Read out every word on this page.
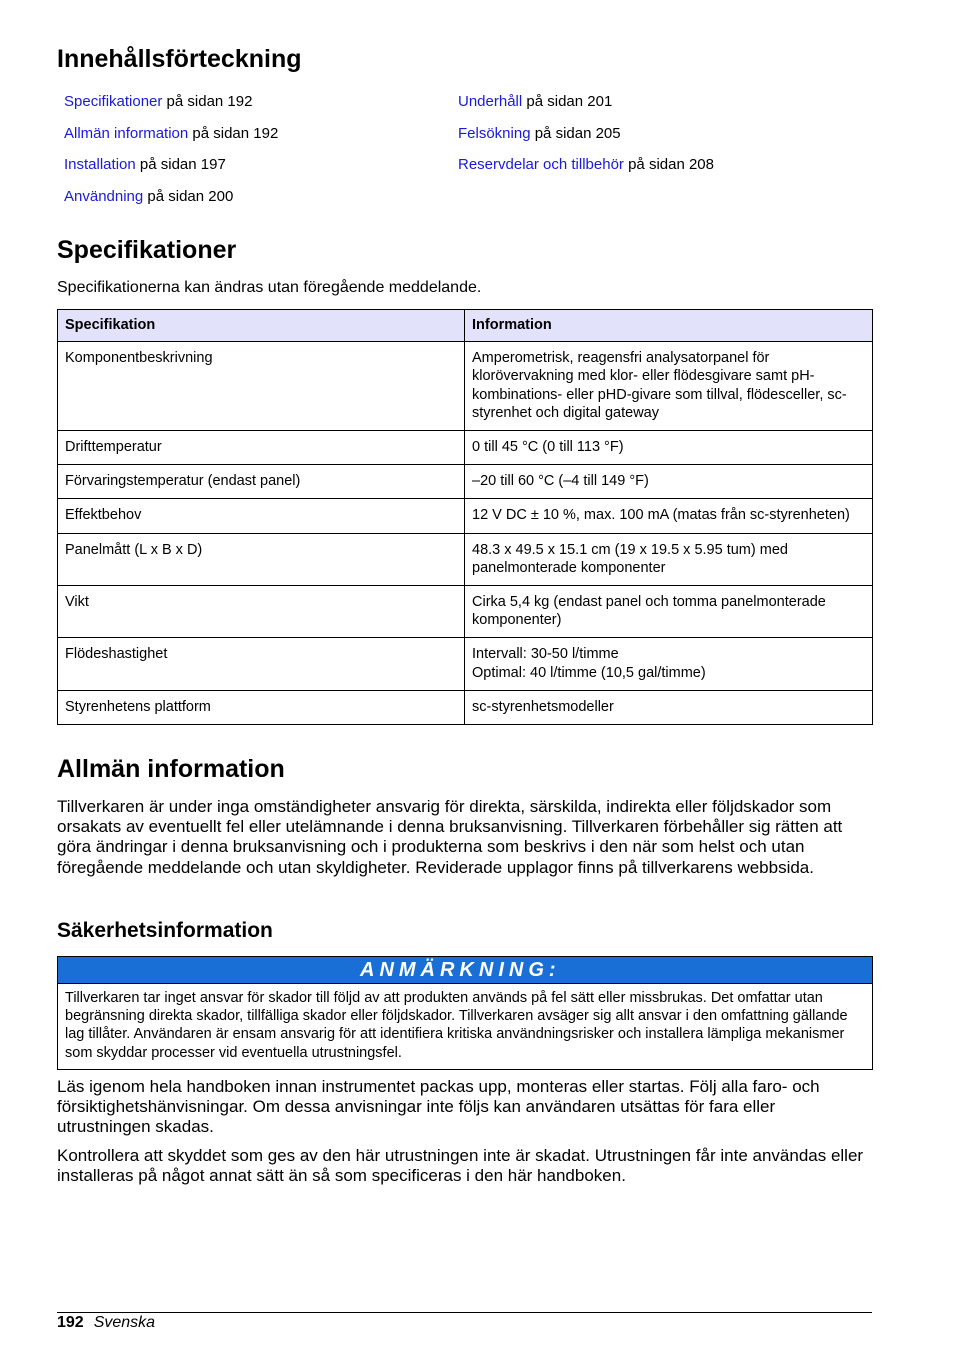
Innehållsförteckning
Specifikationer på sidan 192
Allmän information på sidan 192
Installation på sidan 197
Användning på sidan 200
Underhåll på sidan 201
Felsökning på sidan 205
Reservdelar och tillbehör på sidan 208
Specifikationer

Specifikationerna kan ändras utan föregående meddelande.

Specifikation	Information
Komponentbeskrivning	Amperometrisk, reagensfri analysatorpanel för klorövervakning med klor- eller flödesgivare samt pH-kombinations- eller pHD-givare som tillval, flödesceller, sc-styrenhet och digital gateway
Drifttemperatur	0 till 45 °C (0 till 113 °F)
Förvaringstemperatur (endast panel)	–20 till 60 °C (–4 till 149 °F)
Effektbehov	12 V DC ± 10 %, max. 100 mA (matas från sc-styrenheten)
Panelmått (L x B x D)	48.3 x 49.5 x 15.1 cm (19 x 19.5 x 5.95 tum) med panelmonterade komponenter
Vikt	Cirka 5,4 kg (endast panel och tomma panelmonterade komponenter)
Flödeshastighet	Intervall: 30-50 l/timme
Optimal: 40 l/timme (10,5 gal/timme)
Styrenhetens plattform	sc-styrenhetsmodeller
Allmän information

Tillverkaren är under inga omständigheter ansvarig för direkta, särskilda, indirekta eller följdskador som orsakats av eventuellt fel eller utelämnande i denna bruksanvisning. Tillverkaren förbehåller sig rätten att göra ändringar i denna bruksanvisning och i produkterna som beskrivs i den när som helst och utan föregående meddelande och utan skyldigheter. Reviderade upplagor finns på tillverkarens webbsida.

Säkerhetsinformation
ANMÄRKNING:
Tillverkaren tar inget ansvar för skador till följd av att produkten används på fel sätt eller missbrukas. Det omfattar utan begränsning direkta skador, tillfälliga skador eller följdskador. Tillverkaren avsäger sig allt ansvar i den omfattning gällande lag tillåter. Användaren är ensam ansvarig för att identifiera kritiska användningsrisker och installera lämpliga mekanismer som skyddar processer vid eventuella utrustningsfel.

Läs igenom hela handboken innan instrumentet packas upp, monteras eller startas. Följ alla faro- och försiktighetshänvisningar. Om dessa anvisningar inte följs kan användaren utsättas för fara eller utrustningen skadas.

Kontrollera att skyddet som ges av den här utrustningen inte är skadat. Utrustningen får inte användas eller installeras på något annat sätt än så som specificeras i den här handboken.

192 Svenska
